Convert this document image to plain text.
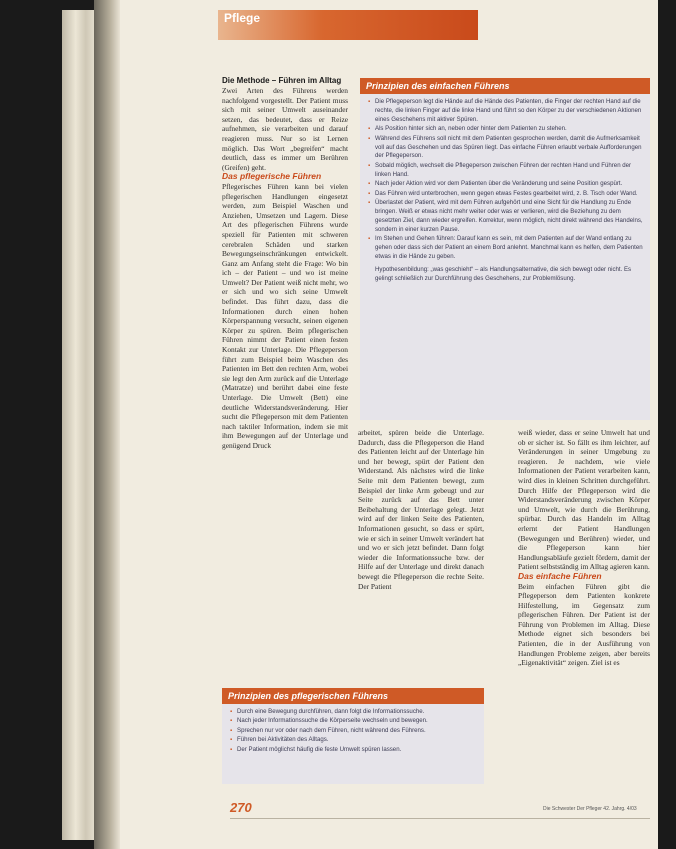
Pflege

Die Methode – Führen im Alltag

Zwei Arten des Führens werden nachfolgend vorgestellt. Der Patient muss sich mit seiner Umwelt auseinander setzen, das bedeutet, dass er Reize aufnehmen, sie verarbeiten und darauf reagieren muss. Nur so ist Lernen möglich. Das Wort „begreifen“ macht deutlich, dass es immer um Berühren (Greifen) geht.

Das pflegerische Führen

Pflegerisches Führen kann bei vielen pflegerischen Handlungen eingesetzt werden, zum Beispiel Waschen und Anziehen, Umsetzen und Lagern. Diese Art des pflegerischen Führens wurde speziell für Patienten mit schweren cerebralen Schäden und starken Bewegungseinschränkungen entwickelt. Ganz am Anfang steht die Frage: Wo bin ich – der Patient – und wo ist meine Umwelt? Der Patient weiß nicht mehr, wo er sich und wo sich seine Umwelt befindet. Das führt dazu, dass die Informationen durch einen hohen Körperspannung versucht, seinen eigenen Körper zu spüren. Beim pflegerischen Führen nimmt der Patient einen festen Kontakt zur Unterlage. Die Pflegeperson führt zum Beispiel beim Waschen des Patienten im Bett den rechten Arm, wobei sie legt den Arm zurück auf die Unterlage (Matratze) und berührt dabei eine feste Unterlage. Die Umwelt (Bett) eine deutliche Widerstandsveränderung. Hier sucht die Pflegeperson mit dem Patienten nach taktiler Information, indem sie mit ihm Bewegungen auf der Unterlage und genügend Druck

arbeitet, spüren beide die Unterlage. Dadurch, dass die Pflegeperson die Hand des Patienten leicht auf der Unterlage hin und her bewegt, spürt der Patient den Widerstand. Als nächstes wird die linke Seite mit dem Patienten bewegt, zum Beispiel der linke Arm gebeugt und zur Seite zurück auf das Bett unter Beibehaltung der Unterlage gelegt. Jetzt wird auf der linken Seite des Patienten, Informationen gesucht, so dass er spürt, wie er sich in seiner Umwelt verändert hat und wo er sich jetzt befindet. Dann folgt wieder die Informationssuche bzw. der Hilfe auf der Unterlage und direkt danach bewegt die Pflegeperson die rechte Seite. Der Patient

weiß wieder, dass er seine Umwelt hat und ob er sicher ist. So fällt es ihm leichter, auf Veränderungen in seiner Umgebung zu reagieren. Je nachdem, wie viele Informationen der Patient verarbeiten kann, wird dies in kleinen Schritten durchgeführt. Durch Hilfe der Pflegeperson wird die Widerstandsveränderung zwischen Körper und Umwelt, wie durch die Berührung, spürbar. Durch das Handeln im Alltag erlernt der Patient Handlungen (Bewegungen und Berühren) wieder, und die Pflegeperson kann hier Handlungsabläufe gezielt fördern, damit der Patient selbstständig im Alltag agieren kann.

Das einfache Führen

Beim einfachen Führen gibt die Pflegeperson dem Patienten konkrete Hilfestellung, im Gegensatz zum pflegerischen Führen. Der Patient ist der Führung von Problemen im Alltag. Diese Methode eignet sich besonders bei Patienten, die in der Ausführung von Handlungen Probleme zeigen, aber bereits „Eigenaktivität“ zeigen. Ziel ist es

Prinzipien des einfachen Führens
▪ Die Pflegeperson legt die Hände auf die Hände des Patienten, die Finger der rechten Hand auf die rechte, die linken Finger auf die linke Hand und führt so den Körper zu der verschiedenen Aktionen eines Geschehens mit aktiver Spüren.
▪ Als Position hinter sich an, neben oder hinter dem Patienten zu stehen.
▪ Während des Führens soll nicht mit dem Patienten gesprochen werden, damit die Aufmerksamkeit voll auf das Geschehen und das Spüren liegt. Das einfache Führen erlaubt verbale Aufforderungen der Pflegeperson.
▪ Sobald möglich, wechselt die Pflegeperson zwischen Führen der rechten Hand und Führen der linken Hand.
▪ Nach jeder Aktion wird vor dem Patienten über die Veränderung und seine Position gespürt.
▪ Das Führen wird unterbrochen, wenn gegen etwas Festes gearbeitet wird, z. B. Tisch oder Wand.
▪ Überlastet der Patient, wird mit dem Führen aufgehört und eine Sicht für die Handlung zu Ende bringen. Weiß er etwas nicht mehr weiter oder was er verlieren, wird die Beziehung zu dem gesetzten Ziel, dann wieder ergreifen. Korrektur, wenn möglich, nicht direkt während des Handelns, sondern in einer kurzen Pause.
▪ Im Stehen und Gehen führen: Darauf kann es sein, mit dem Patienten auf der Wand entlang zu gehen oder dass sich der Patient an einem Bord anlehnt. Manchmal kann es helfen, dem Patienten etwas in die Hände zu geben.
Hypothesenbildung: „was geschieht“ – als Handlungsalternative, die sich bewegt oder nicht. Es gelingt schließlich zur Durchführung des Geschehens, zur Problemlösung.
Prinzipien des pflegerischen Führens
▪ Durch eine Bewegung durchführen, dann folgt die Informationssuche.
▪ Nach jeder Informationssuche die Körperseite wechseln und bewegen.
▪ Sprechen nur vor oder nach dem Führen, nicht während des Führens.
▪ Führen bei Aktivitäten des Alltags.
▪ Der Patient möglichst häufig die feste Umwelt spüren lassen.
270	Die Schwester Der Pfleger 42. Jahrg. 4/03
